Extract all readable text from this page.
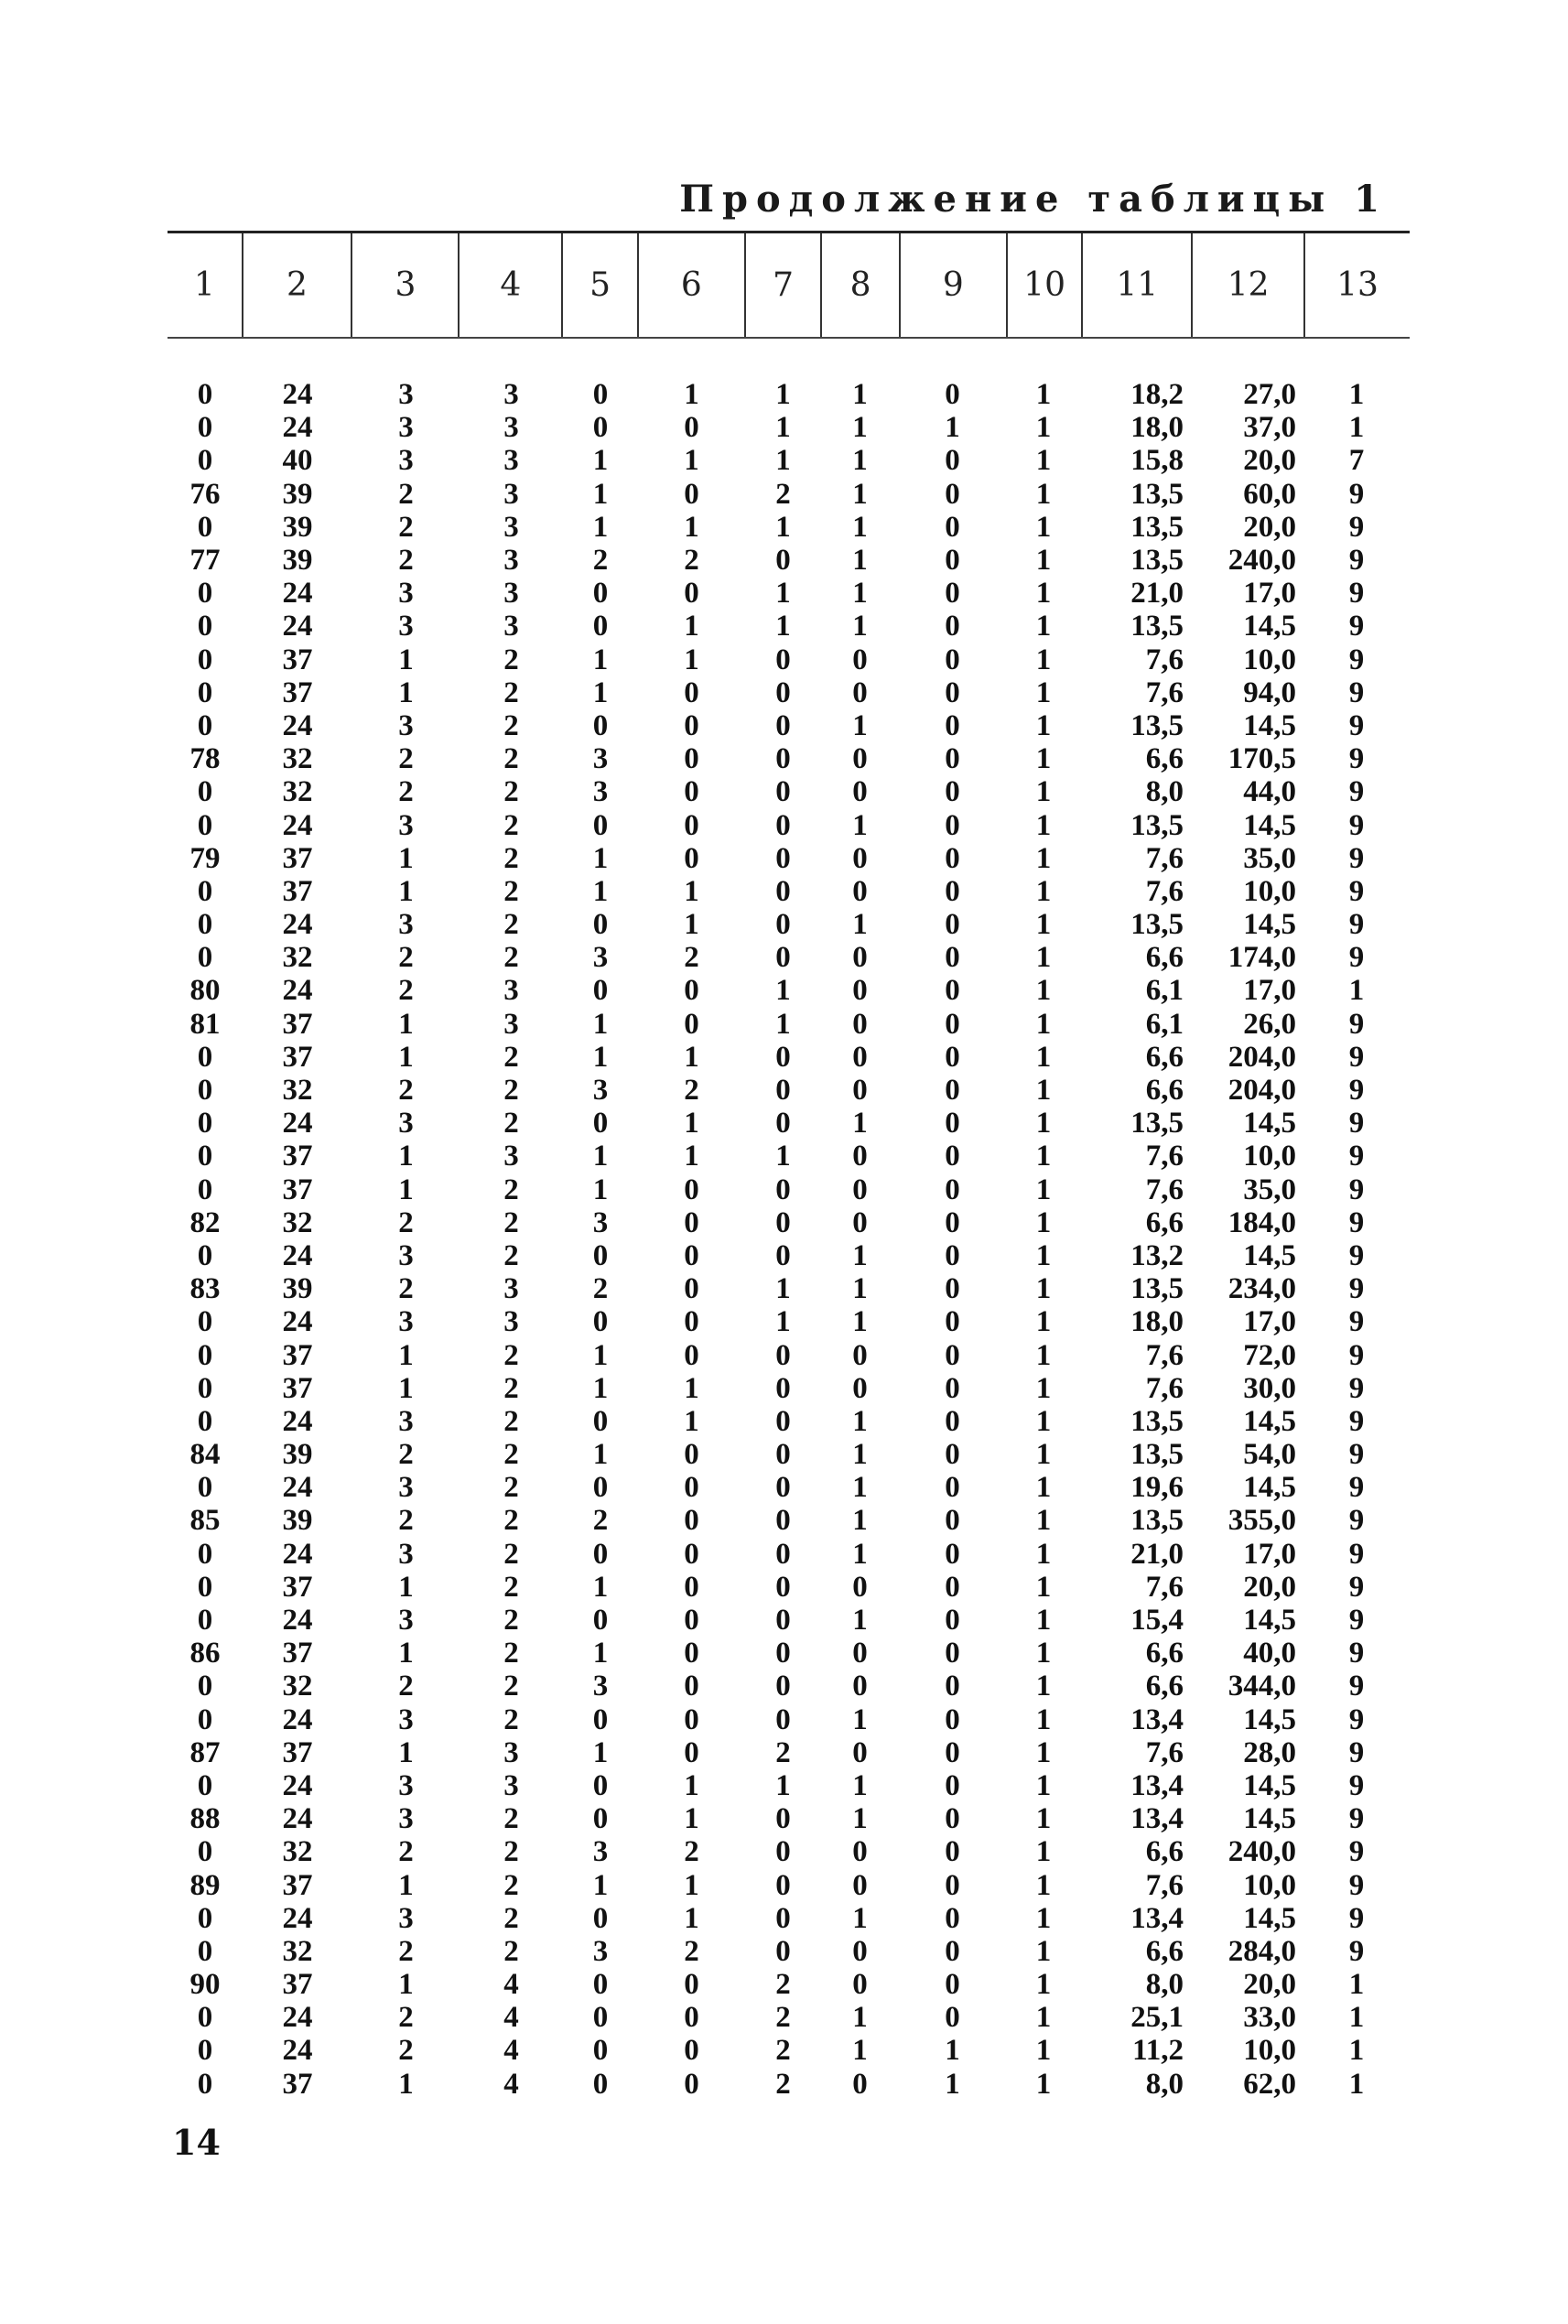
Продолжение таблицы 1
1	2	3	4	5	6	7	8	9	10	11	12	13
0	24	3	3	0	1	1	1	0	1	18,2	27,0	1
0	24	3	3	0	0	1	1	1	1	18,0	37,0	1
0	40	3	3	1	1	1	1	0	1	15,8	20,0	7
76	39	2	3	1	0	2	1	0	1	13,5	60,0	9
0	39	2	3	1	1	1	1	0	1	13,5	20,0	9
77	39	2	3	2	2	0	1	0	1	13,5	240,0	9
0	24	3	3	0	0	1	1	0	1	21,0	17,0	9
0	24	3	3	0	1	1	1	0	1	13,5	14,5	9
0	37	1	2	1	1	0	0	0	1	7,6	10,0	9
0	37	1	2	1	0	0	0	0	1	7,6	94,0	9
0	24	3	2	0	0	0	1	0	1	13,5	14,5	9
78	32	2	2	3	0	0	0	0	1	6,6	170,5	9
0	32	2	2	3	0	0	0	0	1	8,0	44,0	9
0	24	3	2	0	0	0	1	0	1	13,5	14,5	9
79	37	1	2	1	0	0	0	0	1	7,6	35,0	9
0	37	1	2	1	1	0	0	0	1	7,6	10,0	9
0	24	3	2	0	1	0	1	0	1	13,5	14,5	9
0	32	2	2	3	2	0	0	0	1	6,6	174,0	9
80	24	2	3	0	0	1	0	0	1	6,1	17,0	1
81	37	1	3	1	0	1	0	0	1	6,1	26,0	9
0	37	1	2	1	1	0	0	0	1	6,6	204,0	9
0	32	2	2	3	2	0	0	0	1	6,6	204,0	9
0	24	3	2	0	1	0	1	0	1	13,5	14,5	9
0	37	1	3	1	1	1	0	0	1	7,6	10,0	9
0	37	1	2	1	0	0	0	0	1	7,6	35,0	9
82	32	2	2	3	0	0	0	0	1	6,6	184,0	9
0	24	3	2	0	0	0	1	0	1	13,2	14,5	9
83	39	2	3	2	0	1	1	0	1	13,5	234,0	9
0	24	3	3	0	0	1	1	0	1	18,0	17,0	9
0	37	1	2	1	0	0	0	0	1	7,6	72,0	9
0	37	1	2	1	1	0	0	0	1	7,6	30,0	9
0	24	3	2	0	1	0	1	0	1	13,5	14,5	9
84	39	2	2	1	0	0	1	0	1	13,5	54,0	9
0	24	3	2	0	0	0	1	0	1	19,6	14,5	9
85	39	2	2	2	0	0	1	0	1	13,5	355,0	9
0	24	3	2	0	0	0	1	0	1	21,0	17,0	9
0	37	1	2	1	0	0	0	0	1	7,6	20,0	9
0	24	3	2	0	0	0	1	0	1	15,4	14,5	9
86	37	1	2	1	0	0	0	0	1	6,6	40,0	9
0	32	2	2	3	0	0	0	0	1	6,6	344,0	9
0	24	3	2	0	0	0	1	0	1	13,4	14,5	9
87	37	1	3	1	0	2	0	0	1	7,6	28,0	9
0	24	3	3	0	1	1	1	0	1	13,4	14,5	9
88	24	3	2	0	1	0	1	0	1	13,4	14,5	9
0	32	2	2	3	2	0	0	0	1	6,6	240,0	9
89	37	1	2	1	1	0	0	0	1	7,6	10,0	9
0	24	3	2	0	1	0	1	0	1	13,4	14,5	9
0	32	2	2	3	2	0	0	0	1	6,6	284,0	9
90	37	1	4	0	0	2	0	0	1	8,0	20,0	1
0	24	2	4	0	0	2	1	0	1	25,1	33,0	1
0	24	2	4	0	0	2	1	1	1	11,2	10,0	1
0	37	1	4	0	0	2	0	1	1	8,0	62,0	1
14
